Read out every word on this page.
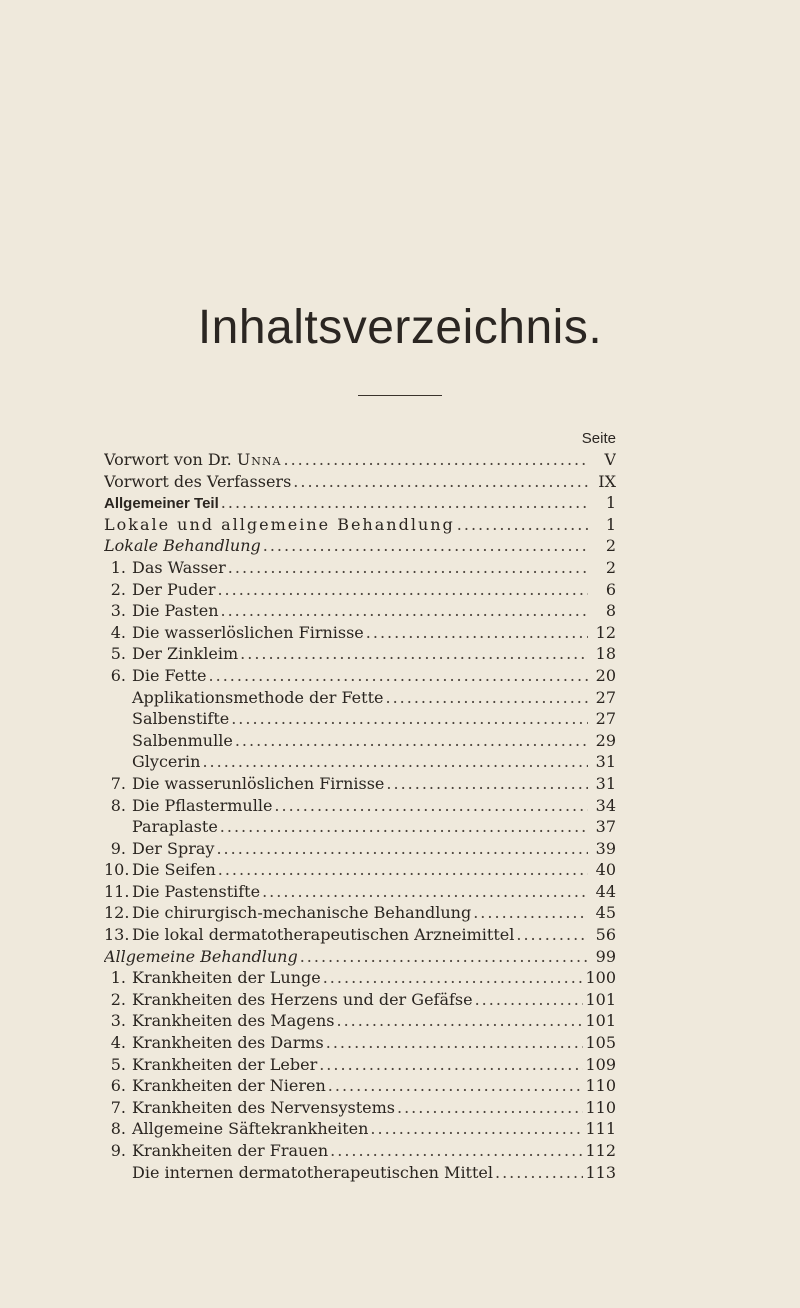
Inhaltsverzeichnis.
Seite
Vorwort von Dr. Unna .....	V
Vorwort des Verfassers .....	IX
Allgemeiner Teil .....	1
Lokale und allgemeine Behandlung .....	1
Lokale Behandlung .....	2
1. Das Wasser .....	2
2. Der Puder .....	6
3. Die Pasten .....	8
4. Die wasserlöslichen Firnisse .....	12
5. Der Zinkleim .....	18
6. Die Fette .....	20
Applikationsmethode der Fette .....	27
Salbenstifte .....	27
Salbenmulle .....	29
Glycerin .....	31
7. Die wasserunlöslichen Firnisse .....	31
8. Die Pflastermulle .....	34
Paraplaste .....	37
9. Der Spray .....	39
10. Die Seifen .....	40
11. Die Pastenstifte .....	44
12. Die chirurgisch-mechanische Behandlung .....	45
13. Die lokal dermatotherapeutischen Arzneimittel .....	56
Allgemeine Behandlung .....	99
1. Krankheiten der Lunge .....	100
2. Krankheiten des Herzens und der Gefäfse .....	101
3. Krankheiten des Magens .....	101
4. Krankheiten des Darms .....	105
5. Krankheiten der Leber .....	109
6. Krankheiten der Nieren .....	110
7. Krankheiten des Nervensystems .....	110
8. Allgemeine Säftekrankheiten .....	111
9. Krankheiten der Frauen .....	112
Die internen dermatotherapeutischen Mittel .....	113
